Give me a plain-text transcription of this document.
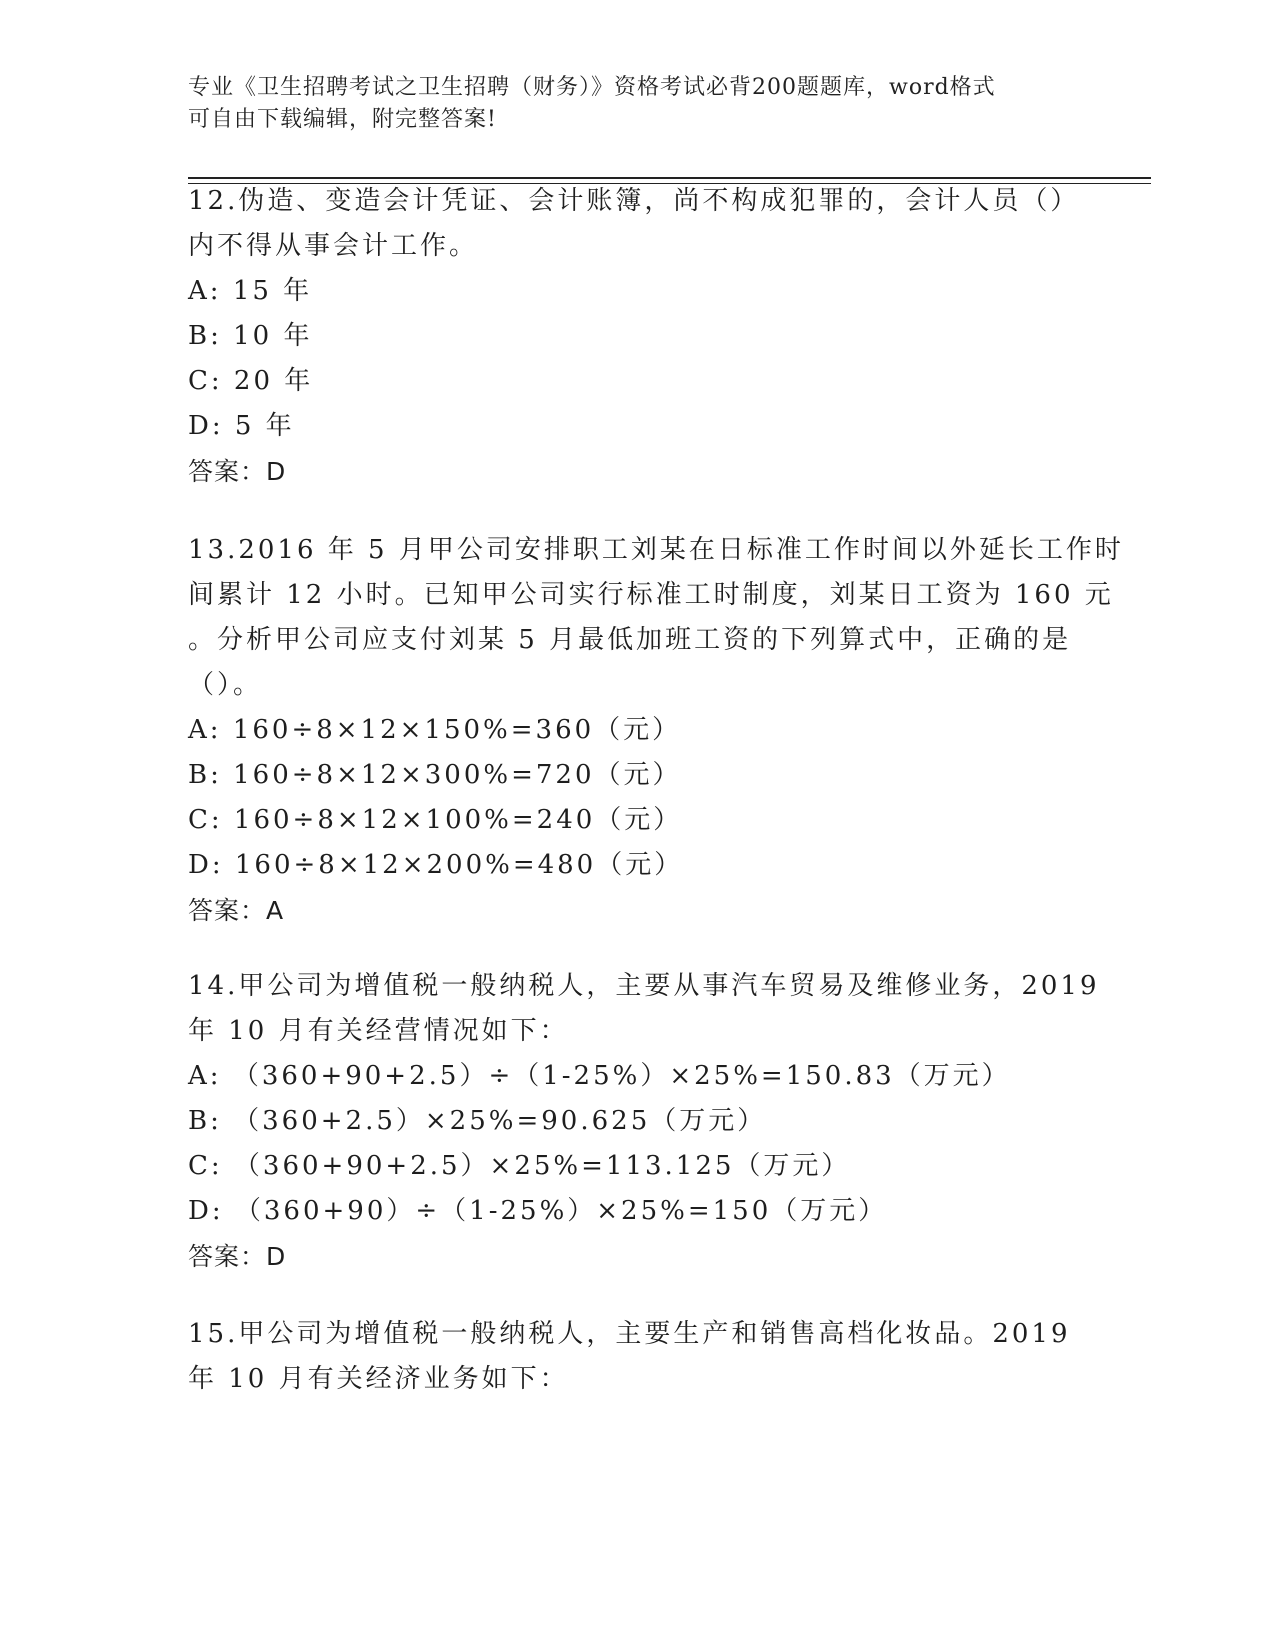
专业《卫生招聘考试之卫生招聘（财务）》资格考试必背200题题库，word格式
可自由下载编辑，附完整答案!
12.伪造、变造会计凭证、会计账簿，尚不构成犯罪的，会计人员（）
内不得从事会计工作。
A: 15 年
B: 10 年
C: 20 年
D: 5 年
答案：D
13.2016 年 5 月甲公司安排职工刘某在日标准工作时间以外延长工作时
间累计 12 小时。已知甲公司实行标准工时制度，刘某日工资为 160 元
。分析甲公司应支付刘某 5 月最低加班工资的下列算式中，正确的是
（）。
A: 160÷8×12×150%=360（元）
B: 160÷8×12×300%=720（元）
C: 160÷8×12×100%=240（元）
D: 160÷8×12×200%=480（元）
答案：A
14.甲公司为增值税一般纳税人，主要从事汽车贸易及维修业务，2019
年 10 月有关经营情况如下：
A: （360+90+2.5）÷（1-25%）×25%=150.83（万元）
B: （360+2.5）×25%=90.625（万元）
C: （360+90+2.5）×25%=113.125（万元）
D: （360+90）÷（1-25%）×25%=150（万元）
答案：D
15.甲公司为增值税一般纳税人，主要生产和销售高档化妆品。2019
年 10 月有关经济业务如下：
